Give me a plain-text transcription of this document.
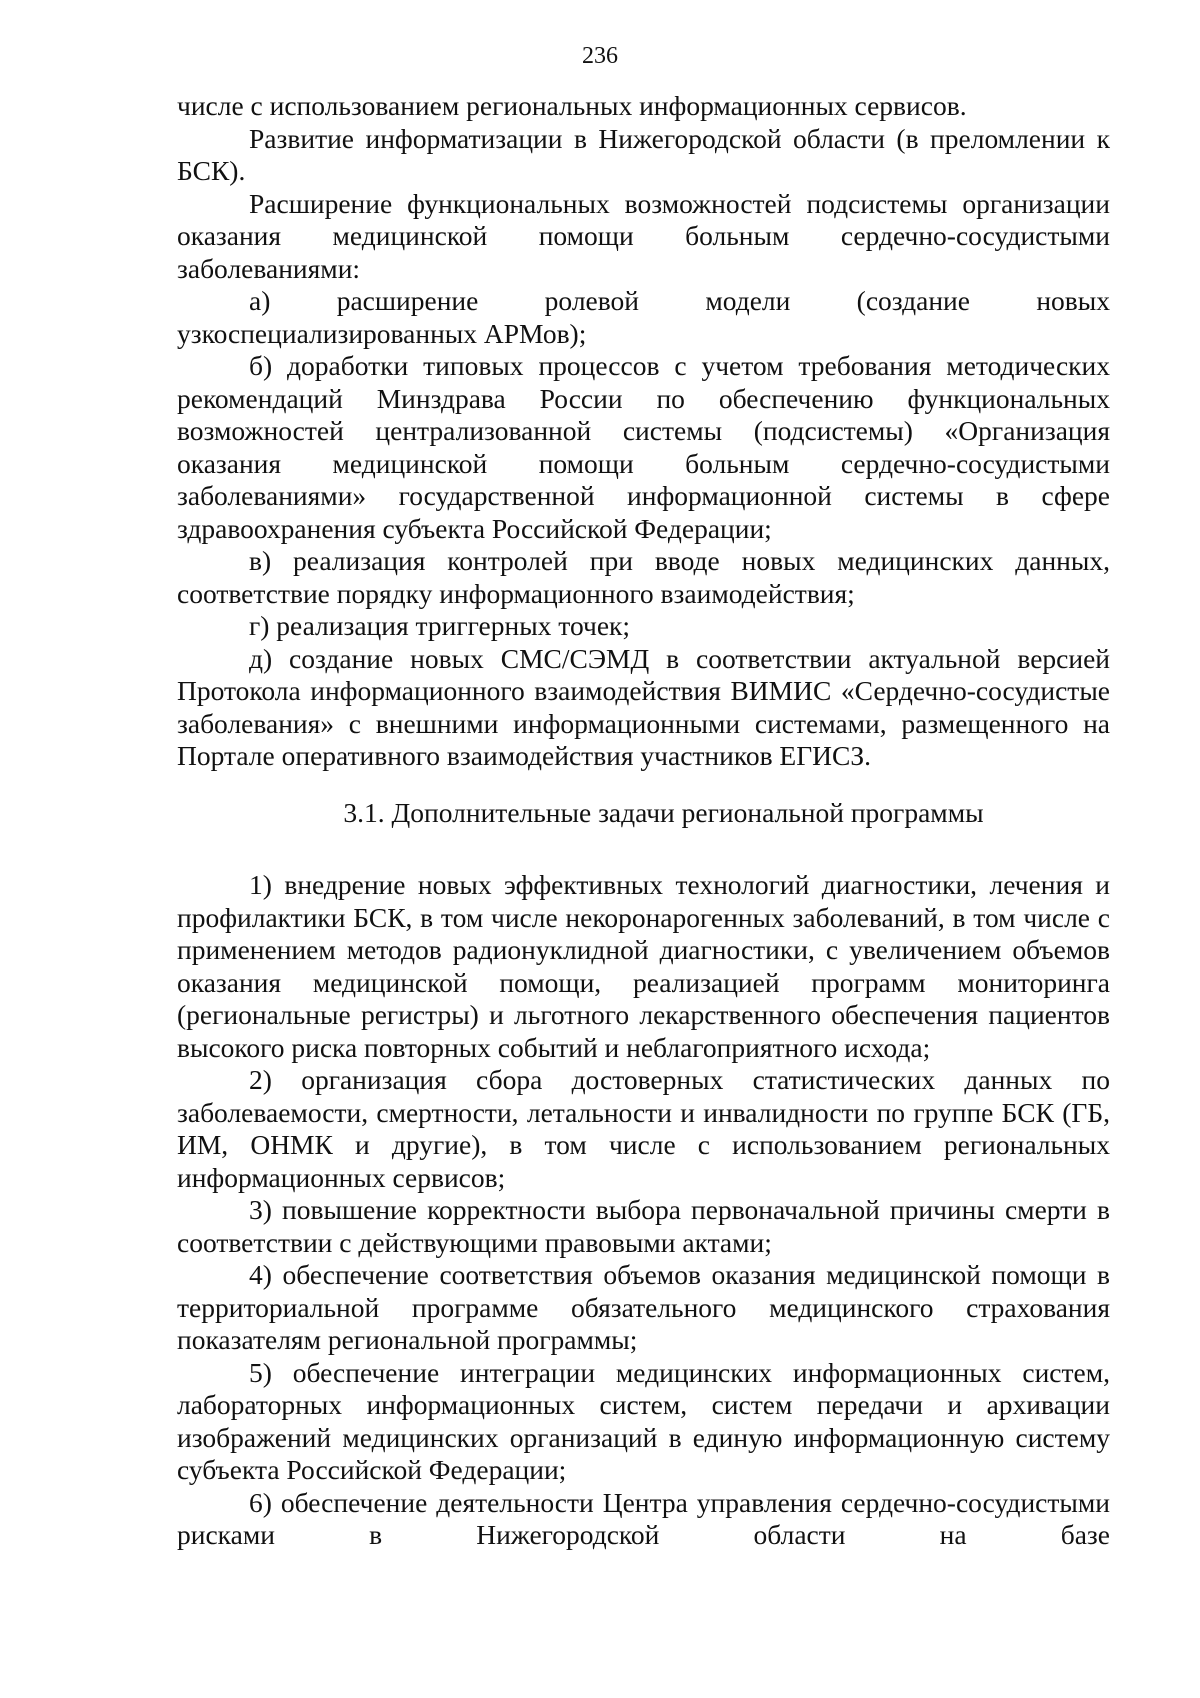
236

числе с использованием региональных информационных сервисов.

Развитие информатизации в Нижегородской области (в преломлении к БСК).

Расширение функциональных возможностей подсистемы организации оказания медицинской помощи больным сердечно-сосудистыми заболеваниями:

а) расширение ролевой модели (создание новых узкоспециализированных АРМов);

б) доработки типовых процессов с учетом требования методических рекомендаций Минздрава России по обеспечению функциональных возможностей централизованной системы (подсистемы) «Организация оказания медицинской помощи больным сердечно-сосудистыми заболеваниями» государственной информационной системы в сфере здравоохранения субъекта Российской Федерации;

в) реализация контролей при вводе новых медицинских данных, соответствие порядку информационного взаимодействия;

г) реализация триггерных точек;

д) создание новых СМС/СЭМД в соответствии актуальной версией Протокола информационного взаимодействия ВИМИС «Сердечно-сосудистые заболевания» с внешними информационными системами, размещенного на Портале оперативного взаимодействия участников ЕГИСЗ.

3.1. Дополнительные задачи региональной программы

1) внедрение новых эффективных технологий диагностики, лечения и профилактики БСК, в том числе некоронарогенных заболеваний, в том числе с применением методов радионуклидной диагностики, с увеличением объемов оказания медицинской помощи, реализацией программ мониторинга (региональные регистры) и льготного лекарственного обеспечения пациентов высокого риска повторных событий и неблагоприятного исхода;

2) организация сбора достоверных статистических данных по заболеваемости, смертности, летальности и инвалидности по группе БСК (ГБ, ИМ, ОНМК и другие), в том числе с использованием региональных информационных сервисов;

3) повышение корректности выбора первоначальной причины смерти в соответствии с действующими правовыми актами;

4) обеспечение соответствия объемов оказания медицинской помощи в территориальной программе обязательного медицинского страхования показателям региональной программы;

5) обеспечение интеграции медицинских информационных систем, лабораторных информационных систем, систем передачи и архивации изображений медицинских организаций в единую информационную систему субъекта Российской Федерации;

6) обеспечение деятельности Центра управления сердечно-сосудистыми рисками в Нижегородской области на базе
